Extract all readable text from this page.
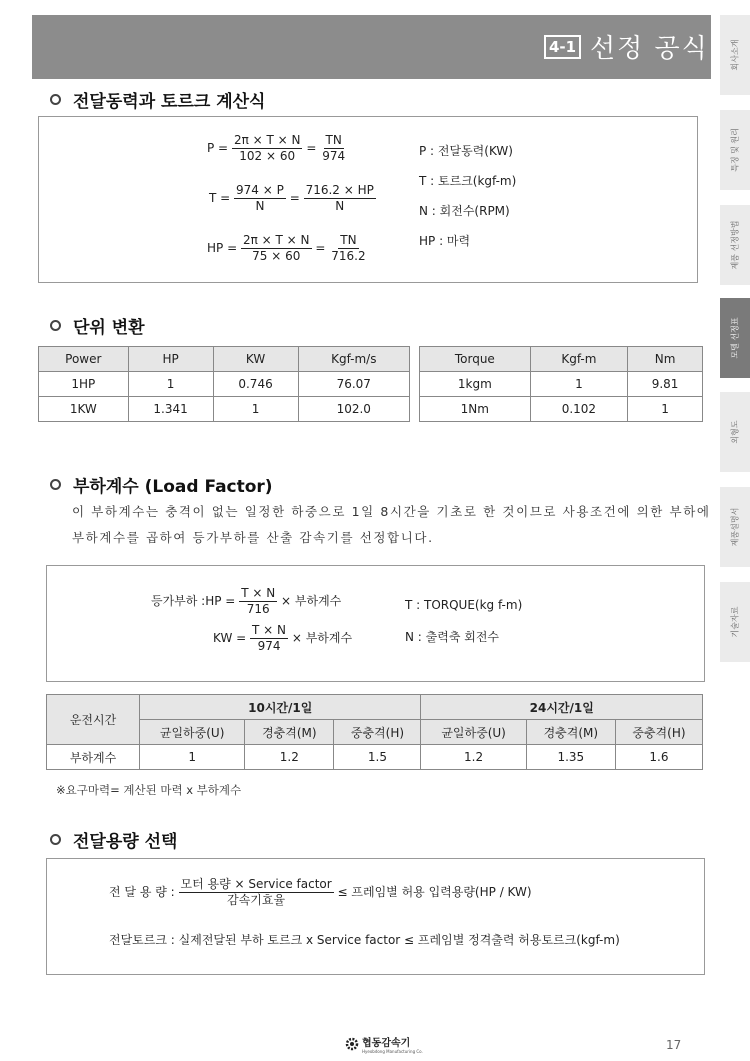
4-1 선정 공식	회사소개
특징 및 원리
제품 선정방법
모델 선정표
외형도
제품설명서
기술자료
전달동력과 토르크 계산식
$P = \frac{2\pi \times T \times N}{102 \times 60} = \frac{TN}{974}$
$T = \frac{974 \times P}{N} = \frac{716.2 \times HP}{N}$
HP = $\frac{2\pi \times T \times N}{75 \times 60} = \frac{TN}{716.2}$
P : 전달동력(KW)
T : 토르크(kgf-m)
N : 회전수(RPM)
HP : 마력
단위 변환
Power	HP	KW	Kgf-m/s
1HP	1	0.746	76.07
1KW	1.341	1	102.0
Torque	Kgf-m	Nm
1kgm	1	9.81
1Nm	0.102	1
부하계수 (Load Factor)
이 부하계수는 충격이 없는 일정한 하중으로 1일 8시간을 기초로 한 것이므로 사용조건에 의한 부하에
부하계수를 곱하여 등가부하를 산출 감속기를 선정합니다.
등가부하 :HP = $\frac{T \times N}{716}$ × 부하계수
KW = $\frac{T \times N}{974}$ × 부하계수
T : TORQUE(kg f-m)
N : 출력축 회전수
운전시간	10시간/1일			24시간/1일		
	균일하중(U)	경충격(M)	중충격(H)	균일하중(U)	경충격(M)	중충격(H)
부하계수	1	1.2	1.5	1.2	1.35	1.6
※요구마력= 계산된 마력 x 부하계수
전달용량 선택
전 달 용 량 : $\frac{\text{모터 용량 × Service factor}}{\text{감속기효율}}$ ≤ 프레임별 허용 입력용량(HP / KW)
전달토르크 : 실제전달된 부하 토르크 x Service factor ≤ 프레임별 정격출력 허용토르크(kgf-m)
협동감속기
Hyeobdong Manufacturing Co.	17
